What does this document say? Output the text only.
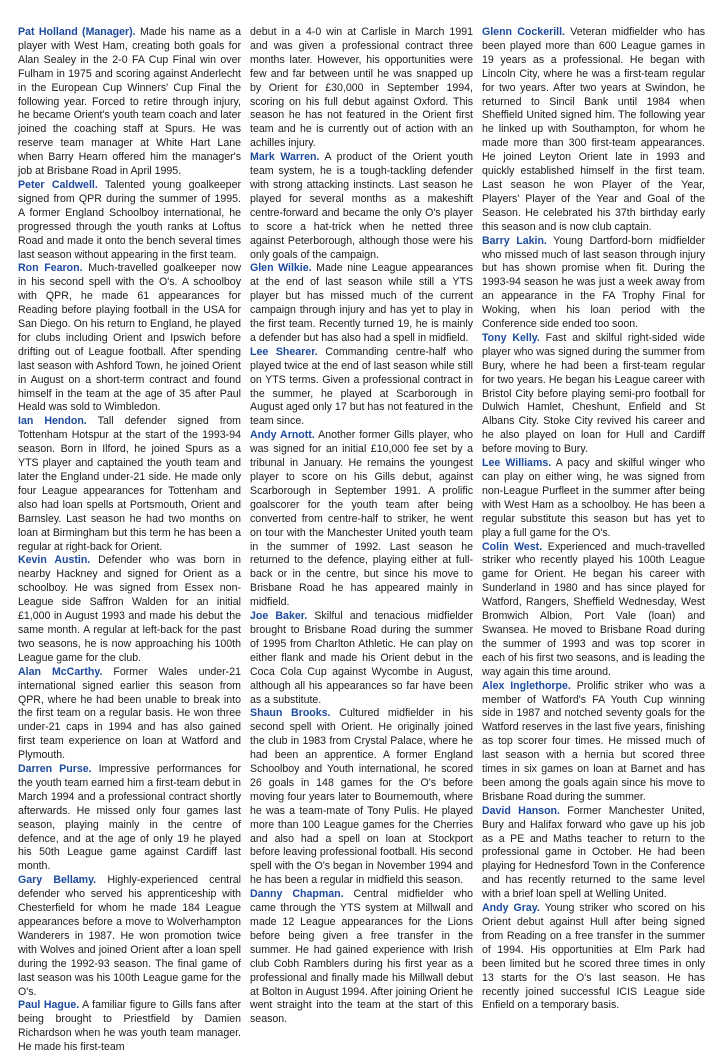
Pat Holland (Manager). Made his name as a player with West Ham, creating both goals for Alan Sealey in the 2-0 FA Cup Final win over Fulham in 1975 and scoring against Anderlecht in the European Cup Winners' Cup Final the following year. Forced to retire through injury, he became Orient's youth team coach and later joined the coaching staff at Spurs. He was reserve team manager at White Hart Lane when Barry Hearn offered him the manager's job at Brisbane Road in April 1995.

Peter Caldwell. Talented young goalkeeper signed from QPR during the summer of 1995. A former England Schoolboy international, he progressed through the youth ranks at Loftus Road and made it onto the bench several times last season without appearing in the first team.

Ron Fearon. Much-travelled goalkeeper now in his second spell with the O's. A schoolboy with QPR, he made 61 appearances for Reading before playing football in the USA for San Diego. On his return to England, he played for clubs including Orient and Ipswich before drifting out of League football. After spending last season with Ashford Town, he joined Orient in August on a short-term contract and found himself in the team at the age of 35 after Paul Heald was sold to Wimbledon.

Ian Hendon. Tall defender signed from Tottenham Hotspur at the start of the 1993-94 season. Born in Ilford, he joined Spurs as a YTS player and captained the youth team and later the England under-21 side. He made only four League appearances for Tottenham and also had loan spells at Portsmouth, Orient and Barnsley. Last season he had two months on loan at Birmingham but this term he has been a regular at right-back for Orient.

Kevin Austin. Defender who was born in nearby Hackney and signed for Orient as a schoolboy. He was signed from Essex non-League side Saffron Walden for an initial £1,000 in August 1993 and made his debut the same month. A regular at left-back for the past two seasons, he is now approaching his 100th League game for the club.

Alan McCarthy. Former Wales under-21 international signed earlier this season from QPR, where he had been unable to break into the first team on a regular basis. He won three under-21 caps in 1994 and has also gained first team experience on loan at Watford and Plymouth.

Darren Purse. Impressive performances for the youth team earned him a first-team debut in March 1994 and a professional contract shortly afterwards. He missed only four games last season, playing mainly in the centre of defence, and at the age of only 19 he played his 50th League game against Cardiff last month.

Gary Bellamy. Highly-experienced central defender who served his apprenticeship with Chesterfield for whom he made 184 League appearances before a move to Wolverhampton Wanderers in 1987. He won promotion twice with Wolves and joined Orient after a loan spell during the 1992-93 season. The final game of last season was his 100th League game for the O's.

Paul Hague. A familiar figure to Gills fans after being brought to Priestfield by Damien Richardson when he was youth team manager. He made his first-team

debut in a 4-0 win at Carlisle in March 1991 and was given a professional contract three months later. However, his opportunities were few and far between until he was snapped up by Orient for £30,000 in September 1994, scoring on his full debut against Oxford. This season he has not featured in the Orient first team and he is currently out of action with an achilles injury.

Mark Warren. A product of the Orient youth team system, he is a tough-tackling defender with strong attacking instincts. Last season he played for several months as a makeshift centre-forward and became the only O's player to score a hat-trick when he netted three against Peterborough, although those were his only goals of the campaign.

Glen Wilkie. Made nine League appearances at the end of last season while still a YTS player but has missed much of the current campaign through injury and has yet to play in the first team. Recently turned 19, he is mainly a defender but has also had a spell in midfield.

Lee Shearer. Commanding centre-half who played twice at the end of last season while still on YTS terms. Given a professional contract in the summer, he played at Scarborough in August aged only 17 but has not featured in the team since.

Andy Arnott. Another former Gills player, who was signed for an initial £10,000 fee set by a tribunal in January. He remains the youngest player to score on his Gills debut, against Scarborough in September 1991. A prolific goalscorer for the youth team after being converted from centre-half to striker, he went on tour with the Manchester United youth team in the summer of 1992. Last season he returned to the defence, playing either at full-back or in the centre, but since his move to Brisbane Road he has appeared mainly in midfield.

Joe Baker. Skilful and tenacious midfielder brought to Brisbane Road during the summer of 1995 from Charlton Athletic. He can play on either flank and made his Orient debut in the Coca Cola Cup against Wycombe in August, although all his appearances so far have been as a substitute.

Shaun Brooks. Cultured midfielder in his second spell with Orient. He originally joined the club in 1983 from Crystal Palace, where he had been an apprentice. A former England Schoolboy and Youth international, he scored 26 goals in 148 games for the O's before moving four years later to Bournemouth, where he was a team-mate of Tony Pulis. He played more than 100 League games for the Cherries and also had a spell on loan at Stockport before leaving professional football. His second spell with the O's began in November 1994 and he has been a regular in midfield this season.

Danny Chapman. Central midfielder who came through the YTS system at Millwall and made 12 League appearances for the Lions before being given a free transfer in the summer. He had gained experience with Irish club Cobh Ramblers during his first year as a professional and finally made his Millwall debut at Bolton in August 1994. After joining Orient he went straight into the team at the start of this season.

Glenn Cockerill. Veteran midfielder who has been played more than 600 League games in 19 years as a professional. He began with Lincoln City, where he was a first-team regular for two years. After two years at Swindon, he returned to Sincil Bank until 1984 when Sheffield United signed him. The following year he linked up with Southampton, for whom he made more than 300 first-team appearances. He joined Leyton Orient late in 1993 and quickly established himself in the first team. Last season he won Player of the Year, Players' Player of the Year and Goal of the Season. He celebrated his 37th birthday early this season and is now club captain.

Barry Lakin. Young Dartford-born midfielder who missed much of last season through injury but has shown promise when fit. During the 1993-94 season he was just a week away from an appearance in the FA Trophy Final for Woking, when his loan period with the Conference side ended too soon.

Tony Kelly. Fast and skilful right-sided wide player who was signed during the summer from Bury, where he had been a first-team regular for two years. He began his League career with Bristol City before playing semi-pro football for Dulwich Hamlet, Cheshunt, Enfield and St Albans City. Stoke City revived his career and he also played on loan for Hull and Cardiff before moving to Bury.

Lee Williams. A pacy and skilful winger who can play on either wing, he was signed from non-League Purfleet in the summer after being with West Ham as a schoolboy. He has been a regular substitute this season but has yet to play a full game for the O's.

Colin West. Experienced and much-travelled striker who recently played his 100th League game for Orient. He began his career with Sunderland in 1980 and has since played for Watford, Rangers, Sheffield Wednesday, West Bromwich Albion, Port Vale (loan) and Swansea. He moved to Brisbane Road during the summer of 1993 and was top scorer in each of his first two seasons, and is leading the way again this time around.

Alex Inglethorpe. Prolific striker who was a member of Watford's FA Youth Cup winning side in 1987 and notched seventy goals for the Watford reserves in the last five years, finishing as top scorer four times. He missed much of last season with a hernia but scored three times in six games on loan at Barnet and has been among the goals again since his move to Brisbane Road during the summer.

David Hanson. Former Manchester United, Bury and Halifax forward who gave up his job as a PE and Maths teacher to return to the professional game in October. He had been playing for Hednesford Town in the Conference and has recently returned to the same level with a brief loan spell at Welling United.

Andy Gray. Young striker who scored on his Orient debut against Hull after being signed from Reading on a free transfer in the summer of 1994. His opportunities at Elm Park had been limited but he scored three times in only 13 starts for the O's last season. He has recently joined successful ICIS League side Enfield on a temporary basis.
